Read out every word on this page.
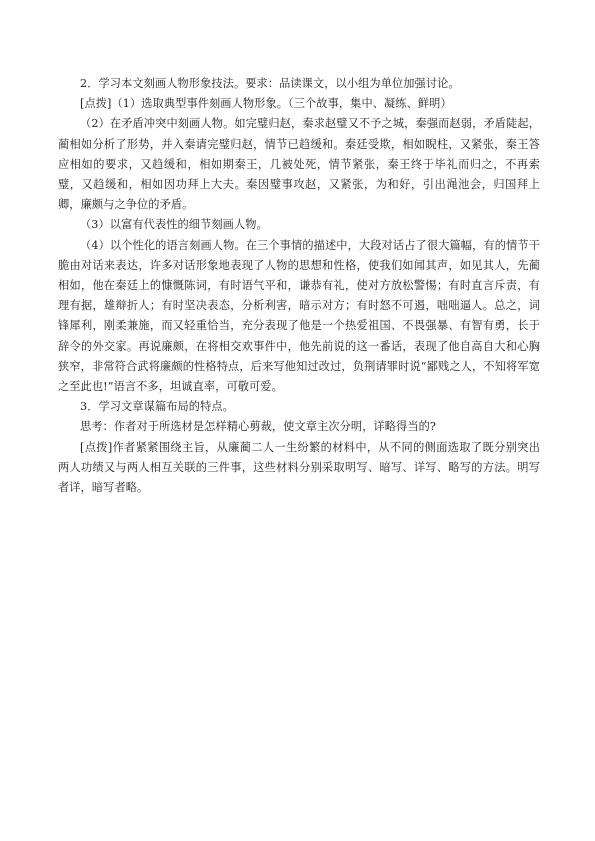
2．学习本文刻画人物形象技法。要求：品读课文，以小组为单位加强讨论。

[点拨]（1）选取典型事件刻画人物形象。（三个故事，集中、凝练、鲜明）

（2）在矛盾冲突中刻画人物。如完璧归赵，秦求赵璧又不予之城，秦强而赵弱，矛盾陡起，蔺相如分析了形势，并入秦请完璧归赵，情节已趋缓和。秦廷受欺，相如睨柱，又紧张，秦王答应相如的要求，又趋缓和，相如期秦王，几被处死，情节紧张，秦王终于毕礼而归之，不再索璧，又趋缓和，相如因功拜上大夫。秦因璧事攻赵，又紧张，为和好，引出渑池会，归国拜上卿，廉颇与之争位的矛盾。

（3）以富有代表性的细节刻画人物。

（4）以个性化的语言刻画人物。在三个事情的描述中，大段对话占了很大篇幅，有的情节干脆由对话来表达，许多对话形象地表现了人物的思想和性格，使我们如闻其声，如见其人，先蔺相如，他在秦廷上的慷慨陈词，有时语气平和，谦恭有礼，使对方放松警惕；有时直言斥责，有理有据，雄辩折人；有时坚决表态，分析利害，暗示对方；有时怒不可遏，咄咄逼人。总之，词锋犀利，刚柔兼施，而又轻重恰当，充分表现了他是一个热爱祖国、不畏强暴、有智有勇，长于辞令的外交家。再说廉颇，在将相交欢事件中，他先前说的这一番话，表现了他自高自大和心胸狭窄，非常符合武将廉颇的性格特点，后来写他知过改过，负荆请罪时说“鄙贱之人，不知将军宽之至此也!”语言不多，坦诚直率，可敬可爱。

3．学习文章谋篇布局的特点。

思考：作者对于所选材是怎样精心剪裁，使文章主次分明，详略得当的?

[点拨]作者紧紧围绕主旨，从廉蔺二人一生纷繁的材料中，从不同的侧面选取了既分别突出两人功绩又与两人相互关联的三件事，这些材料分别采取明写、暗写、详写、略写的方法。明写者详，暗写者略。
